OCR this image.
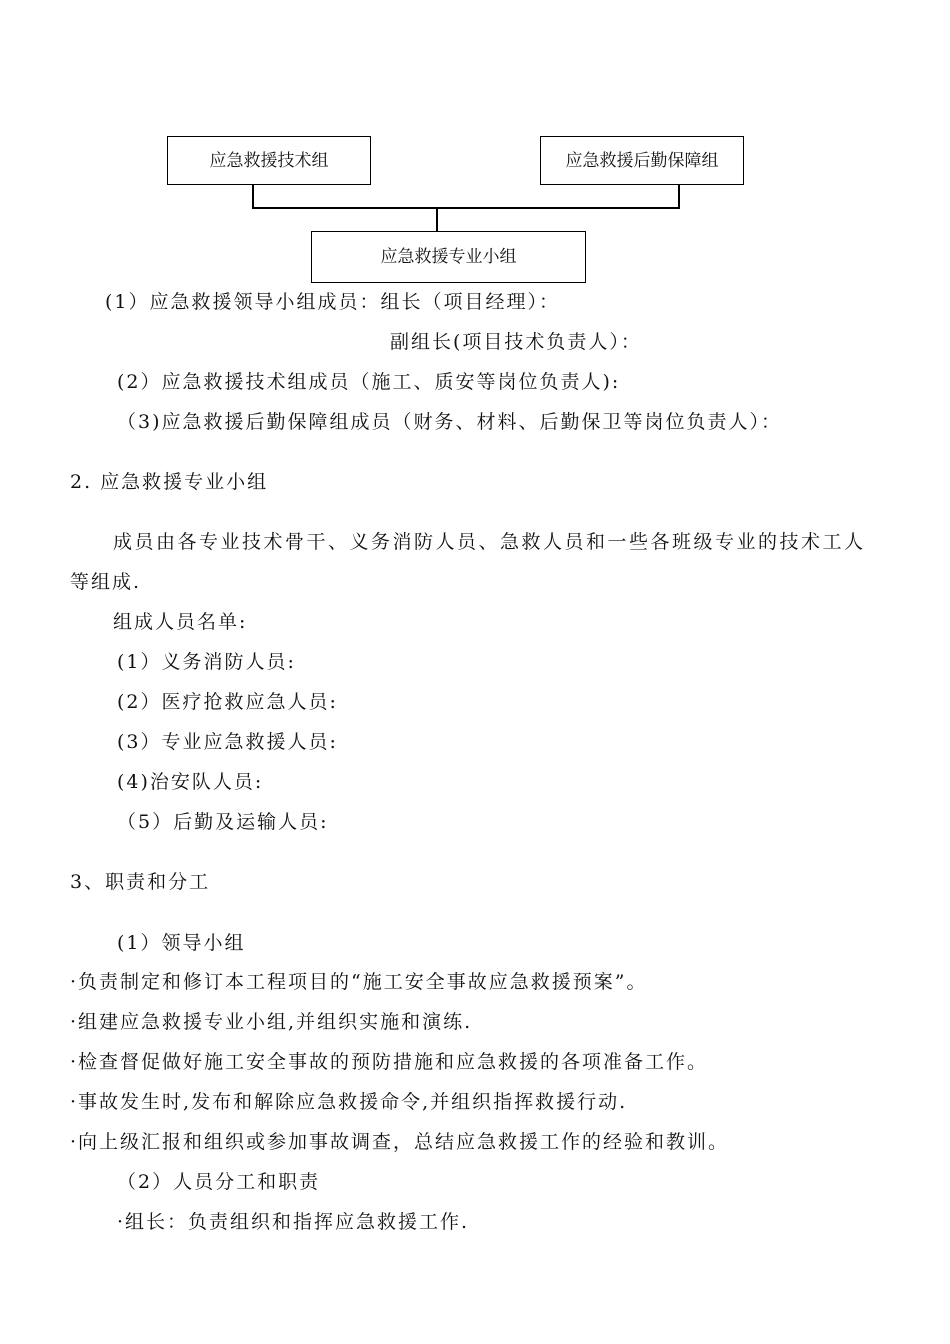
应急救援技术组	应急救援后勤保障组
应急救援专业小组
(1）应急救援领导小组成员：组长（项目经理）：
副组长(项目技术负责人）：
(2）应急救援技术组成员（施工、质安等岗位负责人):
（3)应急救援后勤保障组成员（财务、材料、后勤保卫等岗位负责人）：
2. 应急救援专业小组
成员由各专业技术骨干、义务消防人员、急救人员和一些各班级专业的技术工人
等组成.
组成人员名单:
(1）义务消防人员:
(2）医疗抢救应急人员:
(3）专业应急救援人员:
(4)治安队人员:
（5）后勤及运输人员:
3、职责和分工
(1）领导小组
·负责制定和修订本工程项目的“施工安全事故应急救援预案”。
·组建应急救援专业小组,并组织实施和演练.
·检查督促做好施工安全事故的预防措施和应急救援的各项准备工作。
·事故发生时,发布和解除应急救援命令,并组织指挥救援行动.
·向上级汇报和组织或参加事故调查，总结应急救援工作的经验和教训。
（2）人员分工和职责
·组长：负责组织和指挥应急救援工作.
